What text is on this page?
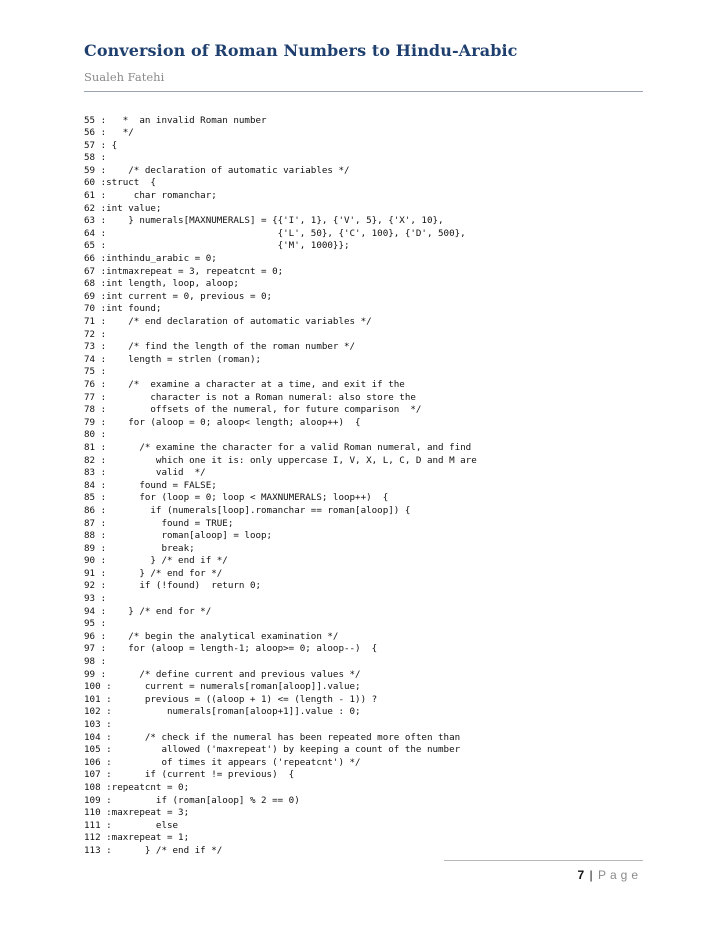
Conversion of Roman Numbers to Hindu-Arabic
Sualeh Fatehi
55 :   *  an invalid Roman number
56 :   */
57 : {
58 :
59 :    /* declaration of automatic variables */
60 :struct  {
61 :     char romanchar;
62 :int value;
63 :    } numerals[MAXNUMERALS] = {{'I', 1}, {'V', 5}, {'X', 10},
64 :                               {'L', 50}, {'C', 100}, {'D', 500},
65 :                               {'M', 1000}};
66 :inthindu_arabic = 0;
67 :intmaxrepeat = 3, repeatcnt = 0;
68 :int length, loop, aloop;
69 :int current = 0, previous = 0;
70 :int found;
71 :    /* end declaration of automatic variables */
72 :
73 :    /* find the length of the roman number */
74 :    length = strlen (roman);
75 :
76 :    /*  examine a character at a time, and exit if the
77 :        character is not a Roman numeral: also store the
78 :        offsets of the numeral, for future comparison  */
79 :    for (aloop = 0; aloop< length; aloop++)  {
80 :
81 :      /* examine the character for a valid Roman numeral, and find
82 :         which one it is: only uppercase I, V, X, L, C, D and M are
83 :         valid  */
84 :      found = FALSE;
85 :      for (loop = 0; loop < MAXNUMERALS; loop++)  {
86 :        if (numerals[loop].romanchar == roman[aloop]) {
87 :          found = TRUE;
88 :          roman[aloop] = loop;
89 :          break;
90 :        } /* end if */
91 :      } /* end for */
92 :      if (!found)  return 0;
93 :
94 :    } /* end for */
95 :
96 :    /* begin the analytical examination */
97 :    for (aloop = length-1; aloop>= 0; aloop--)  {
98 :
99 :      /* define current and previous values */
100 :      current = numerals[roman[aloop]].value;
101 :      previous = ((aloop + 1) <= (length - 1)) ?
102 :          numerals[roman[aloop+1]].value : 0;
103 :
104 :      /* check if the numeral has been repeated more often than
105 :         allowed ('maxrepeat') by keeping a count of the number
106 :         of times it appears ('repeatcnt') */
107 :      if (current != previous)  {
108 :repeatcnt = 0;
109 :        if (roman[aloop] % 2 == 0)
110 :maxrepeat = 3;
111 :        else
112 :maxrepeat = 1;
113 :      } /* end if */
7 | Page
